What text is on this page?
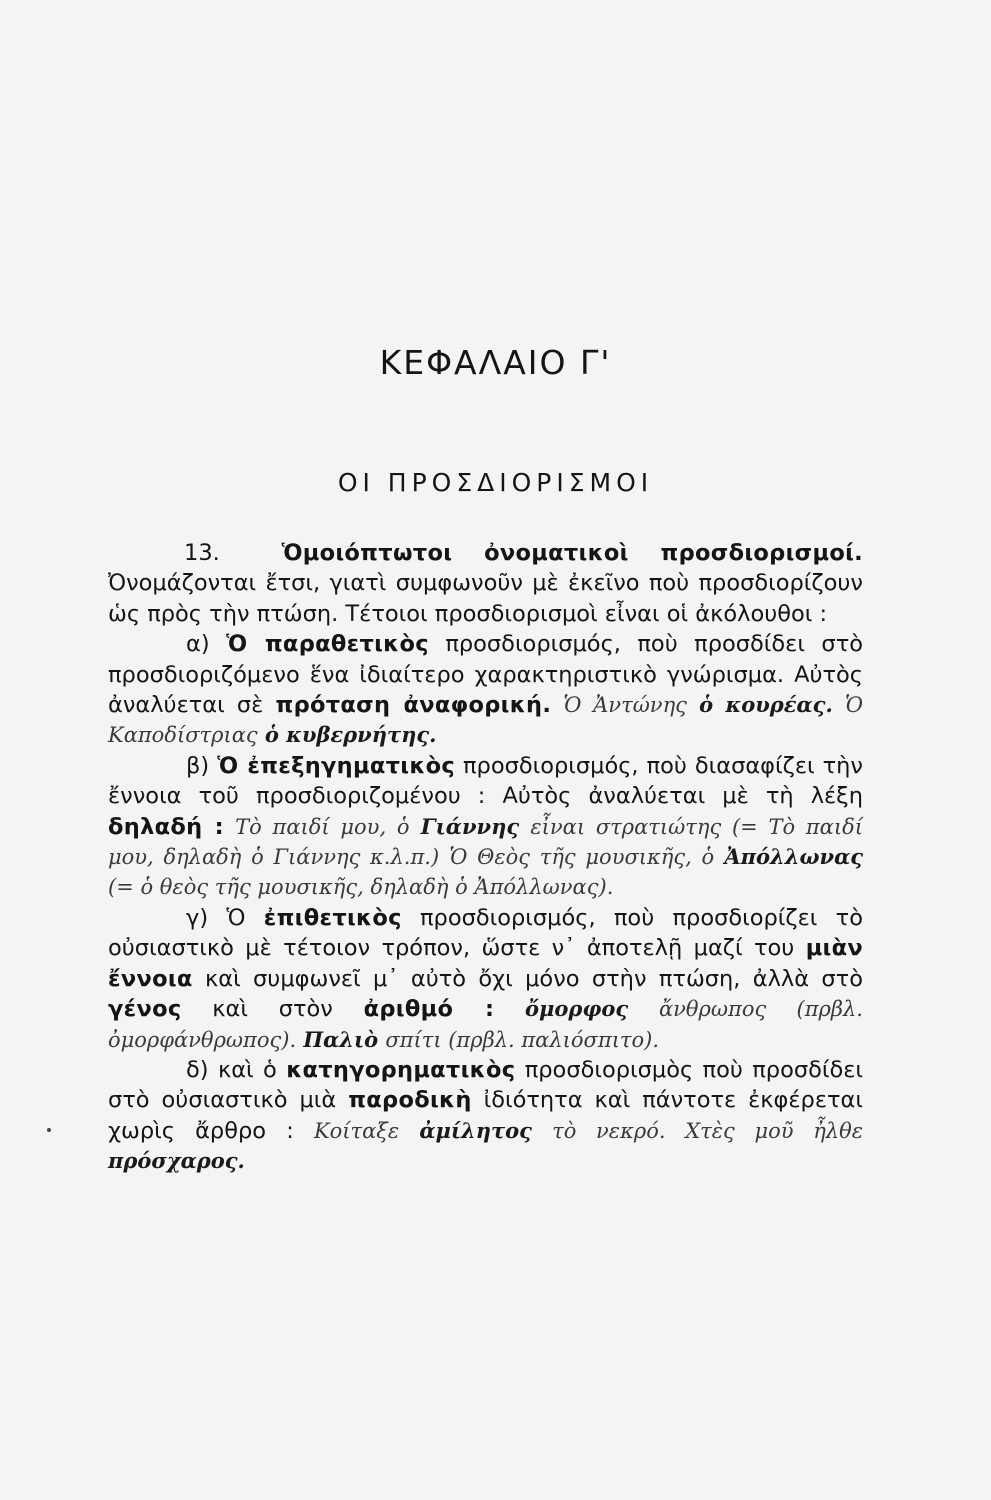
ΚΕΦΑΛΑΙΟ Γ'
ΟΙ ΠΡΟΣΔΙΟΡΙΣΜΟΙ

13.	Ὁμοιόπτωτοι ὀνοματικοὶ προσδιορισμοί. Ὀνομάζονται ἔτσι, γιατὶ συμφωνοῦν μὲ ἐκεῖνο ποὺ προσδιορίζουν ὡς πρὸς τὴν πτώση. Τέτοιοι προσδιορισμοὶ εἶναι οἱ ἀκόλουθοι :

α) Ὁ παραθετικὸς προσδιορισμός, ποὺ προσδίδει στὸ προσδιοριζόμενο ἕνα ἰδιαίτερο χαρακτηριστικὸ γνώρισμα. Αὐτὸς ἀναλύεται σὲ πρόταση ἀναφορική. Ὁ Ἀντώνης ὁ κουρέας. Ὁ Καποδίστριας ὁ κυβερνήτης.

β) Ὁ ἐπεξηγηματικὸς προσδιορισμός, ποὺ διασαφίζει τὴν ἔννοια τοῦ προσδιοριζομένου : Αὐτὸς ἀναλύεται μὲ τὴ λέξη δηλαδή : Τὸ παιδί μου, ὁ Γιάννης εἶναι στρατιώτης (= Τὸ παιδί μου, δηλαδὴ ὁ Γιάννης κ.λ.π.) Ὁ Θεὸς τῆς μουσικῆς, ὁ Ἀπόλλωνας (= ὁ θεὸς τῆς μουσικῆς, δηλαδὴ ὁ Ἀπόλλωνας).

γ) Ὁ ἐπιθετικὸς προσδιορισμός, ποὺ προσδιορίζει τὸ οὐσιαστικὸ μὲ τέτοιον τρόπον, ὥστε ν᾿ ἀποτελῇ μαζί του μιὰν ἔννοια καὶ συμφωνεῖ μ᾿ αὐτὸ ὄχι μόνο στὴν πτώση, ἀλλὰ στὸ γένος καὶ στὸν ἀριθμό : ὄμορφος ἄνθρωπος (πρβλ. ὀμορφάνθρωπος). Παλιὸ σπίτι (πρβλ. παλιόσπιτο).

δ) καὶ ὁ κατηγορηματικὸς προσδιορισμὸς ποὺ προσδίδει στὸ οὐσιαστικὸ μιὰ παροδικὴ ἰδιότητα καὶ πάντοτε ἐκφέρεται χωρὶς ἄρθρο : Κοίταξε ἀμίλητος τὸ νεκρό. Χτὲς μοῦ ἦλθε πρόσχαρος.
